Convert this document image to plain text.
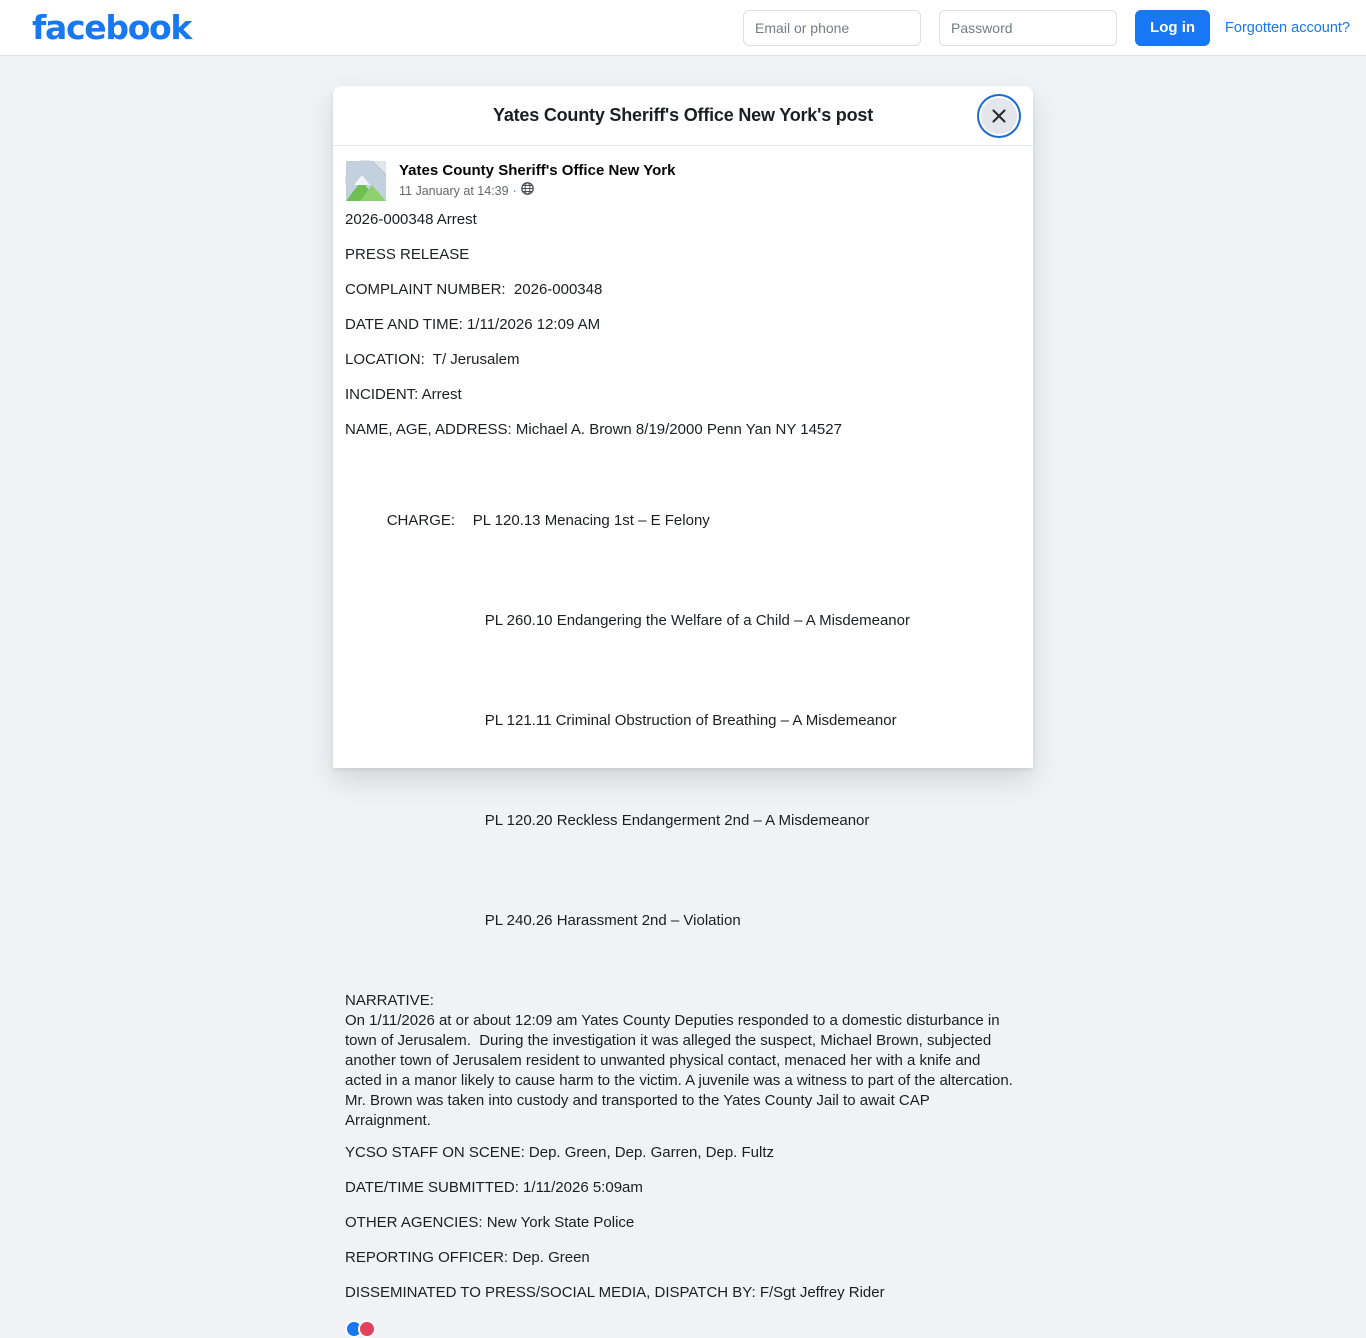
facebook
Email or phone	Log in	Forgotten account?
Yates County Sheriff's Office New York's post
Yates County Sheriff's Office New York
11 January at 14:39 ·

2026-000348 Arrest

PRESS RELEASE

COMPLAINT NUMBER:  2026-000348

DATE AND TIME: 1/11/2026 12:09 AM

LOCATION:  T/ Jerusalem

INCIDENT: Arrest

NAME, AGE, ADDRESS: Michael A. Brown 8/19/2000 Penn Yan NY 14527

CHARGE: PL 120.13 Menacing 1st – E Felony

PL 260.10 Endangering the Welfare of a Child – A Misdemeanor

PL 121.11 Criminal Obstruction of Breathing – A Misdemeanor

PL 120.20 Reckless Endangerment 2nd – A Misdemeanor

PL 240.26 Harassment 2nd – Violation

NARRATIVE:

On 1/11/2026 at or about 12:09 am Yates County Deputies responded to a domestic disturbance in town of Jerusalem.  During the investigation it was alleged the suspect, Michael Brown, subjected another town of Jerusalem resident to unwanted physical contact, menaced her with a knife and acted in a manor likely to cause harm to the victim. A juvenile was a witness to part of the altercation. Mr. Brown was taken into custody and transported to the Yates County Jail to await CAP Arraignment.

YCSO STAFF ON SCENE: Dep. Green, Dep. Garren, Dep. Fultz

DATE/TIME SUBMITTED: 1/11/2026 5:09am

OTHER AGENCIES: New York State Police

REPORTING OFFICER: Dep. Green

DISSEMINATED TO PRESS/SOCIAL MEDIA, DISPATCH BY: F/Sgt Jeffrey Rider
